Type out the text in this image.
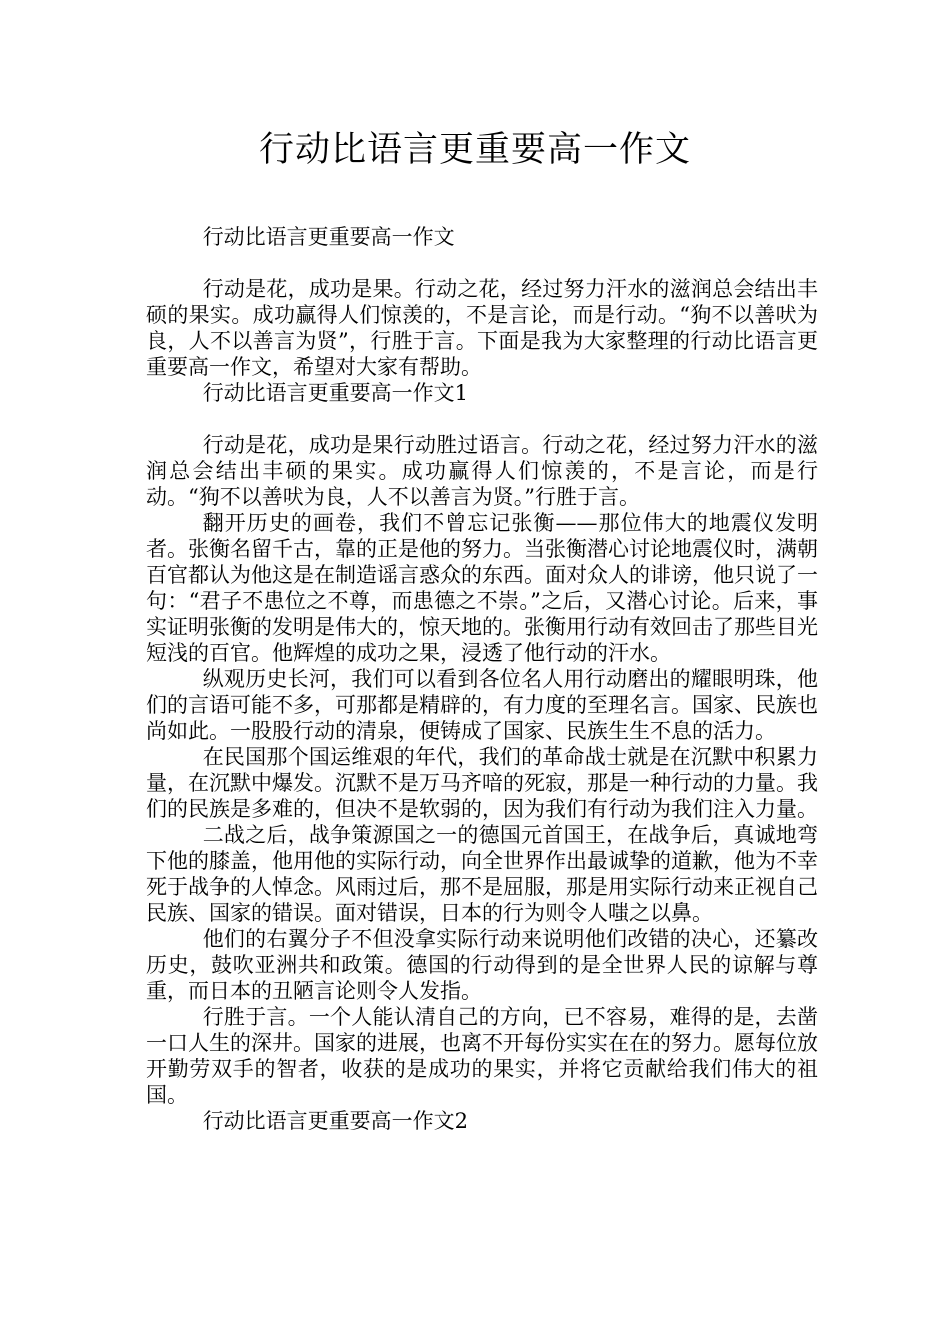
行动比语言更重要高一作文

行动比语言更重要高一作文

行动是花，成功是果。行动之花，经过努力汗水的滋润总会结出丰硕的果实。成功赢得人们惊羡的，不是言论，而是行动。“狗不以善吠为良，人不以善言为贤”，行胜于言。下面是我为大家整理的行动比语言更重要高一作文，希望对大家有帮助。

行动比语言更重要高一作文1

行动是花，成功是果行动胜过语言。行动之花，经过努力汗水的滋润总会结出丰硕的果实。成功赢得人们惊羡的，不是言论，而是行动。“狗不以善吠为良，人不以善言为贤。”行胜于言。

翻开历史的画卷，我们不曾忘记张衡——那位伟大的地震仪发明者。张衡名留千古，靠的正是他的努力。当张衡潜心讨论地震仪时，满朝百官都认为他这是在制造谣言惑众的东西。面对众人的诽谤，他只说了一句：“君子不患位之不尊，而患德之不崇。”之后，又潜心讨论。后来，事实证明张衡的发明是伟大的，惊天地的。张衡用行动有效回击了那些目光短浅的百官。他辉煌的成功之果，浸透了他行动的汗水。

纵观历史长河，我们可以看到各位名人用行动磨出的耀眼明珠，他们的言语可能不多，可那都是精辟的，有力度的至理名言。国家、民族也尚如此。一股股行动的清泉，便铸成了国家、民族生生不息的活力。

在民国那个国运维艰的年代，我们的革命战士就是在沉默中积累力量，在沉默中爆发。沉默不是万马齐喑的死寂，那是一种行动的力量。我们的民族是多难的，但决不是软弱的，因为我们有行动为我们注入力量。

二战之后，战争策源国之一的德国元首国王，在战争后，真诚地弯下他的膝盖，他用他的实际行动，向全世界作出最诚挚的道歉，他为不幸死于战争的人悼念。风雨过后，那不是屈服，那是用实际行动来正视自己民族、国家的错误。面对错误，日本的行为则令人嗤之以鼻。

他们的右翼分子不但没拿实际行动来说明他们改错的决心，还纂改历史，鼓吹亚洲共和政策。德国的行动得到的是全世界人民的谅解与尊重，而日本的丑陋言论则令人发指。

行胜于言。一个人能认清自己的方向，已不容易，难得的是，去凿一口人生的深井。国家的进展，也离不开每份实实在在的努力。愿每位放开勤劳双手的智者，收获的是成功的果实，并将它贡献给我们伟大的祖国。

行动比语言更重要高一作文2
